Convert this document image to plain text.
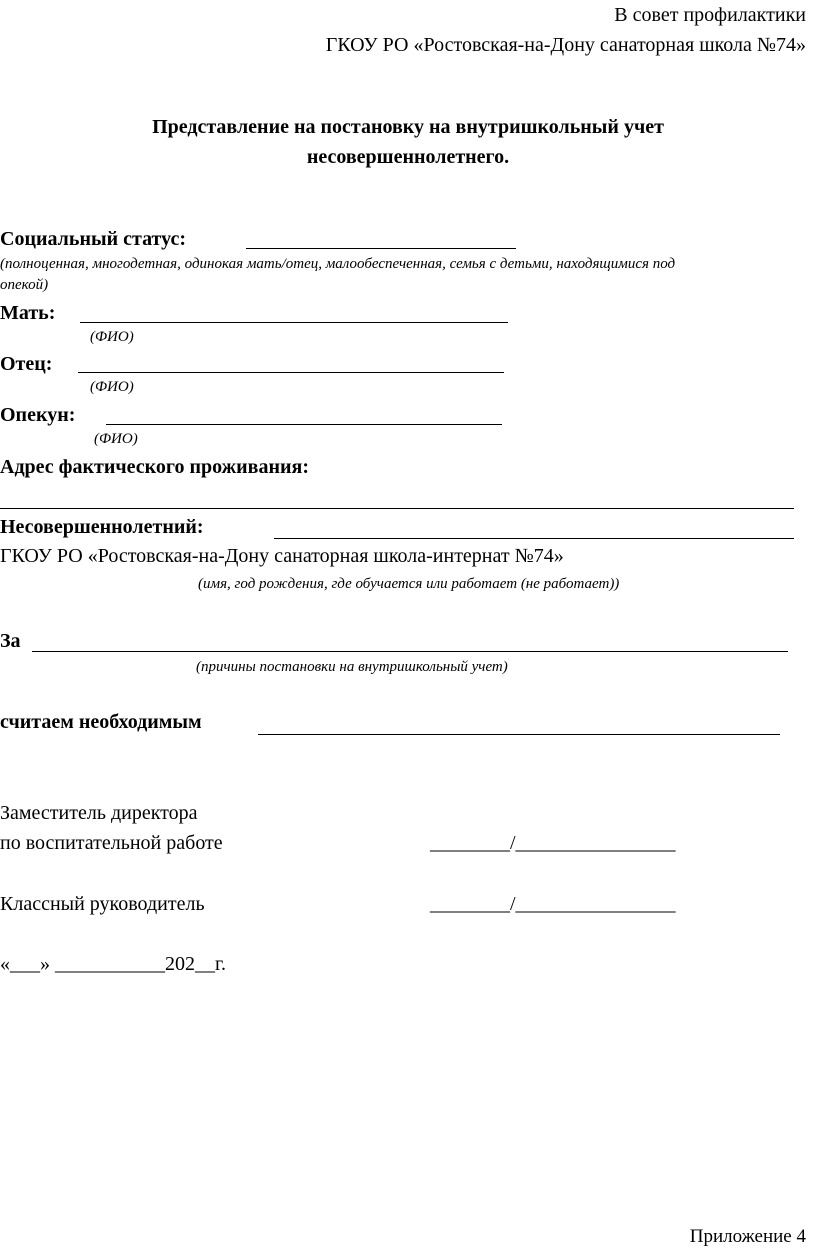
В совет профилактики
ГКОУ РО «Ростовская-на-Дону санаторная школа №74»
Представление на постановку на внутришкольный учет
несовершеннолетнего.
Социальный статус:
(полноценная, многодетная, одинокая мать/отец, малообеспеченная, семья с детьми, находящимися под
опекой)
Мать:
(ФИО)
Отец:
(ФИО)
Опекун:
(ФИО)
Адрес фактического проживания:
Несовершеннолетний:
ГКОУ РО «Ростовская-на-Дону санаторная школа-интернат №74»
(имя, год рождения, где обучается или работает (не работает))
За
(причины постановки на внутришкольный учет)
считаем необходимым
Заместитель директора
по воспитательной работе	________/________________
Классный руководитель	________/________________
«___» ___________202__г.
Приложение 4
